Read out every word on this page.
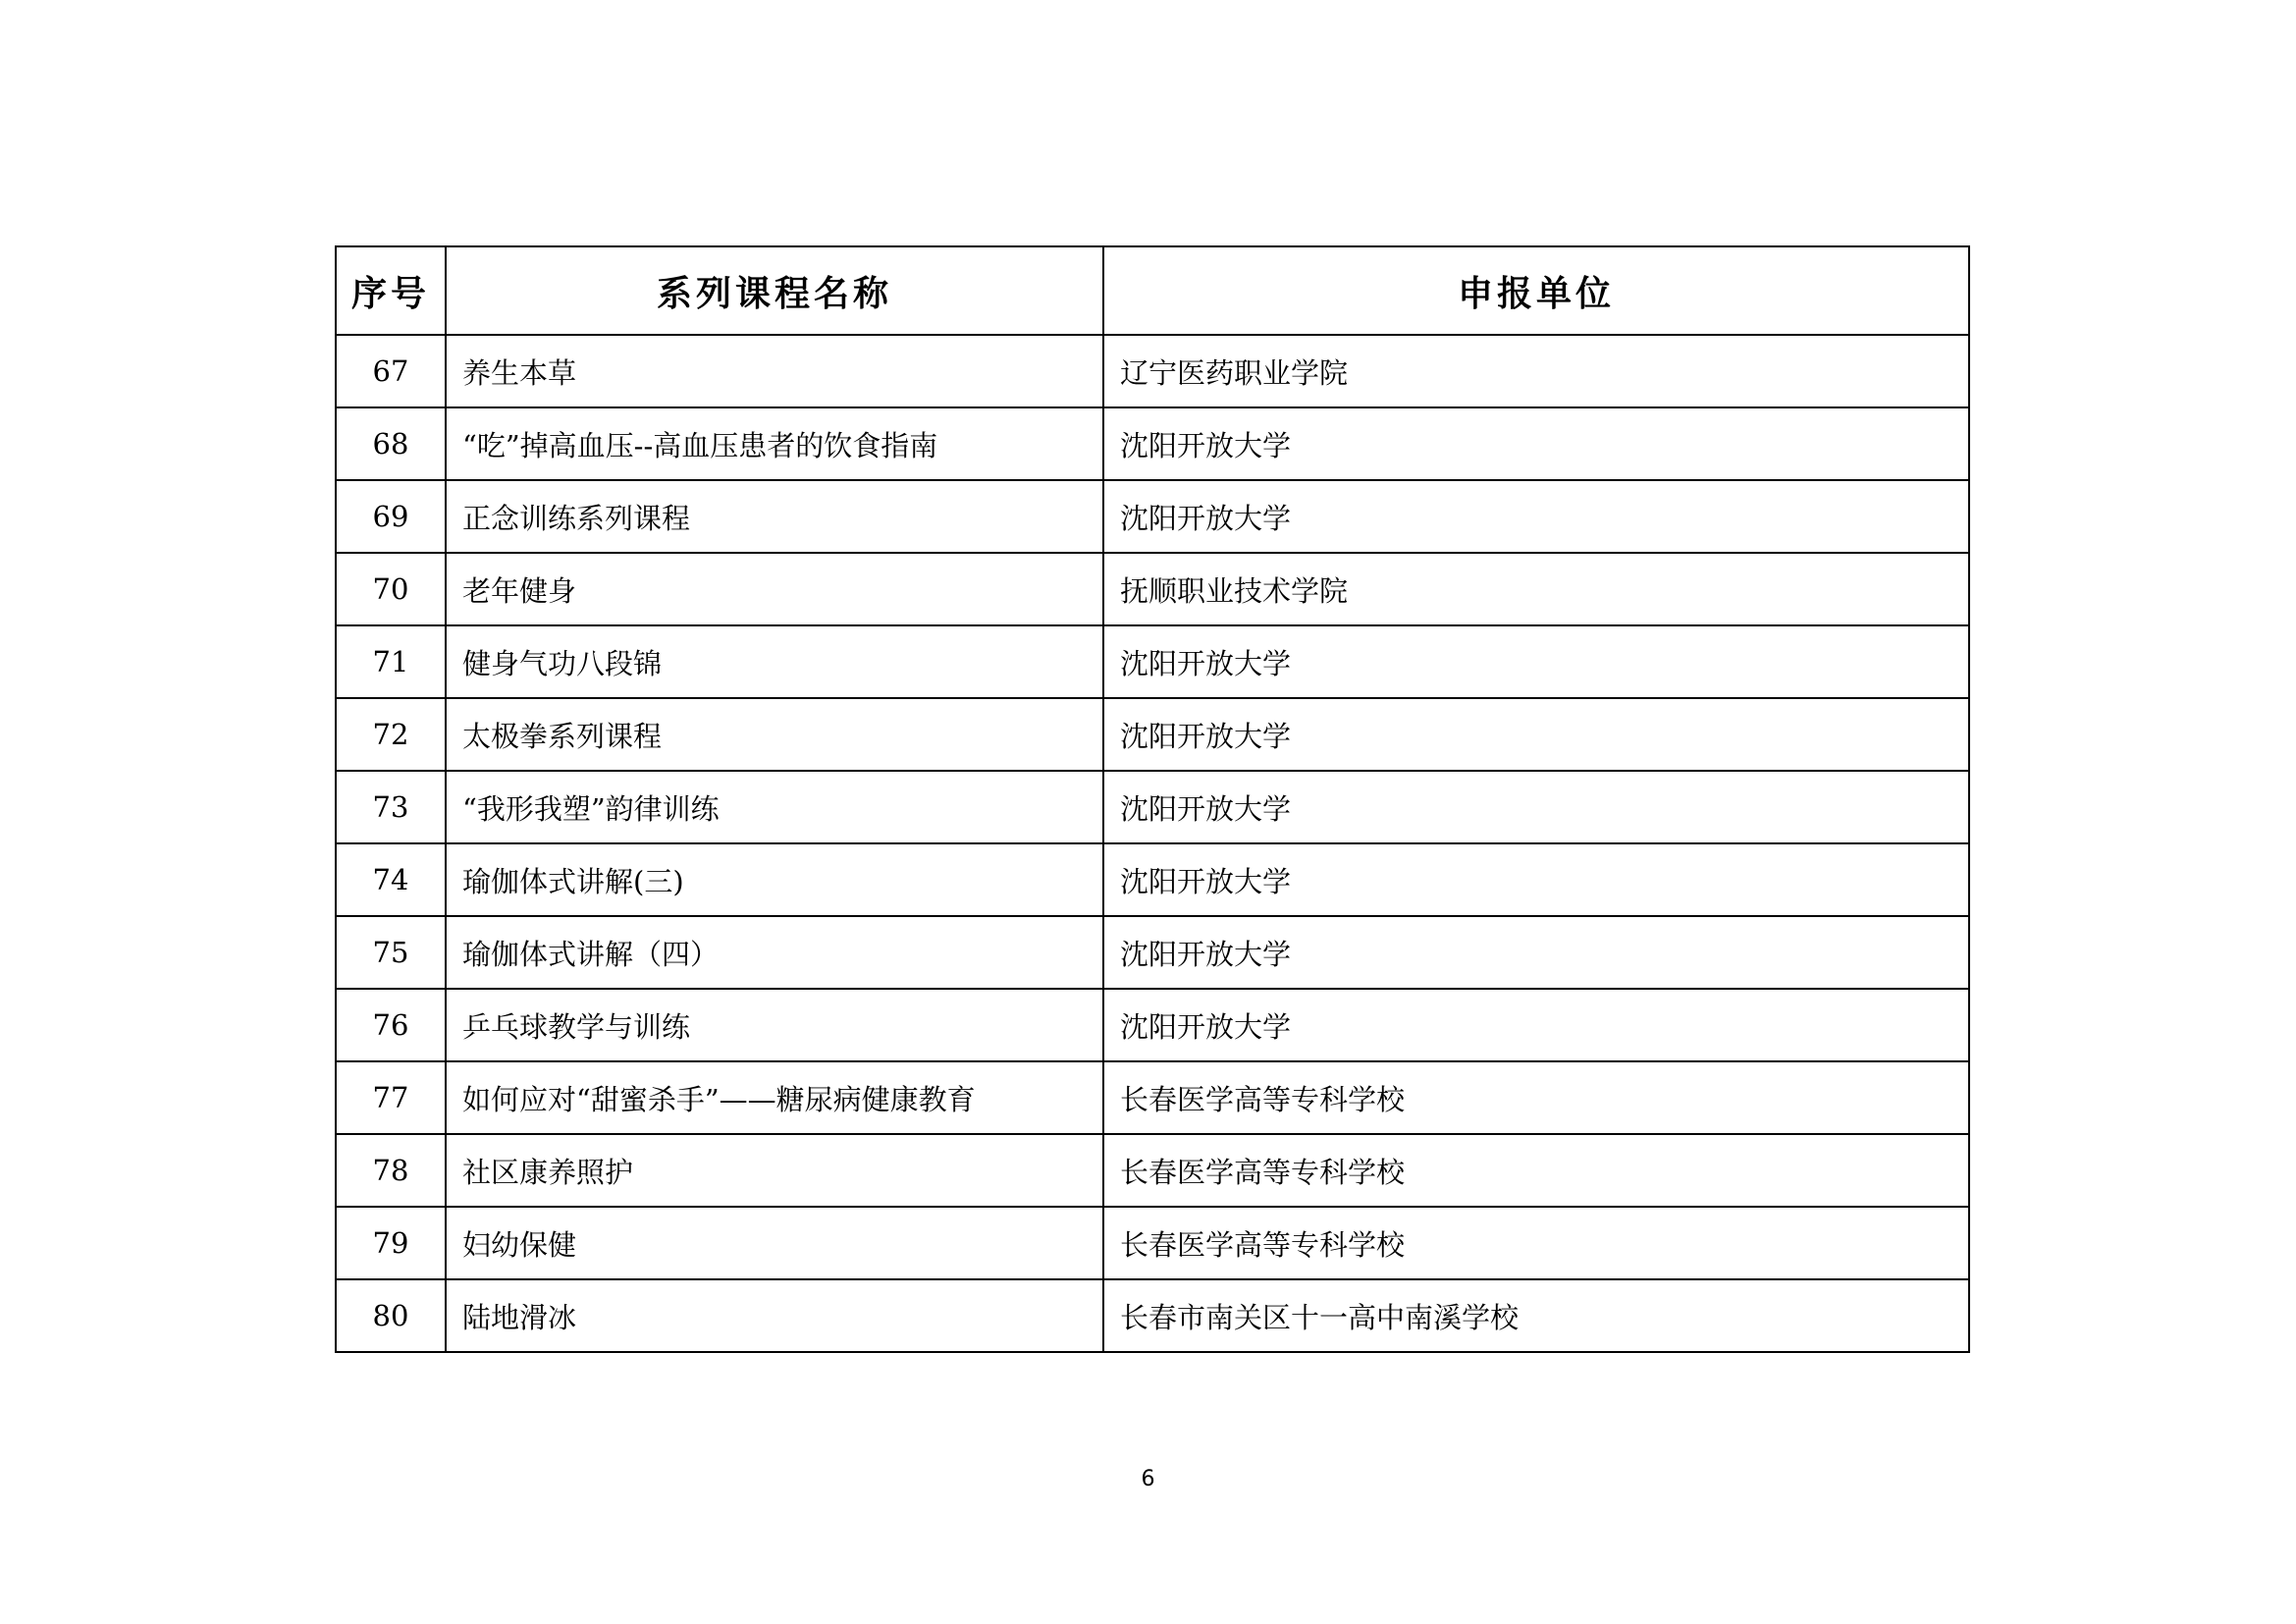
序号	系列课程名称	申报单位
67	养生本草	辽宁医药职业学院
68	“吃”掉高血压--高血压患者的饮食指南	沈阳开放大学
69	正念训练系列课程	沈阳开放大学
70	老年健身	抚顺职业技术学院
71	健身气功八段锦	沈阳开放大学
72	太极拳系列课程	沈阳开放大学
73	“我形我塑”韵律训练	沈阳开放大学
74	瑜伽体式讲解(三)	沈阳开放大学
75	瑜伽体式讲解（四）	沈阳开放大学
76	乒乓球教学与训练	沈阳开放大学
77	如何应对“甜蜜杀手”——糖尿病健康教育	长春医学高等专科学校
78	社区康养照护	长春医学高等专科学校
79	妇幼保健	长春医学高等专科学校
80	陆地滑冰	长春市南关区十一高中南溪学校
6
